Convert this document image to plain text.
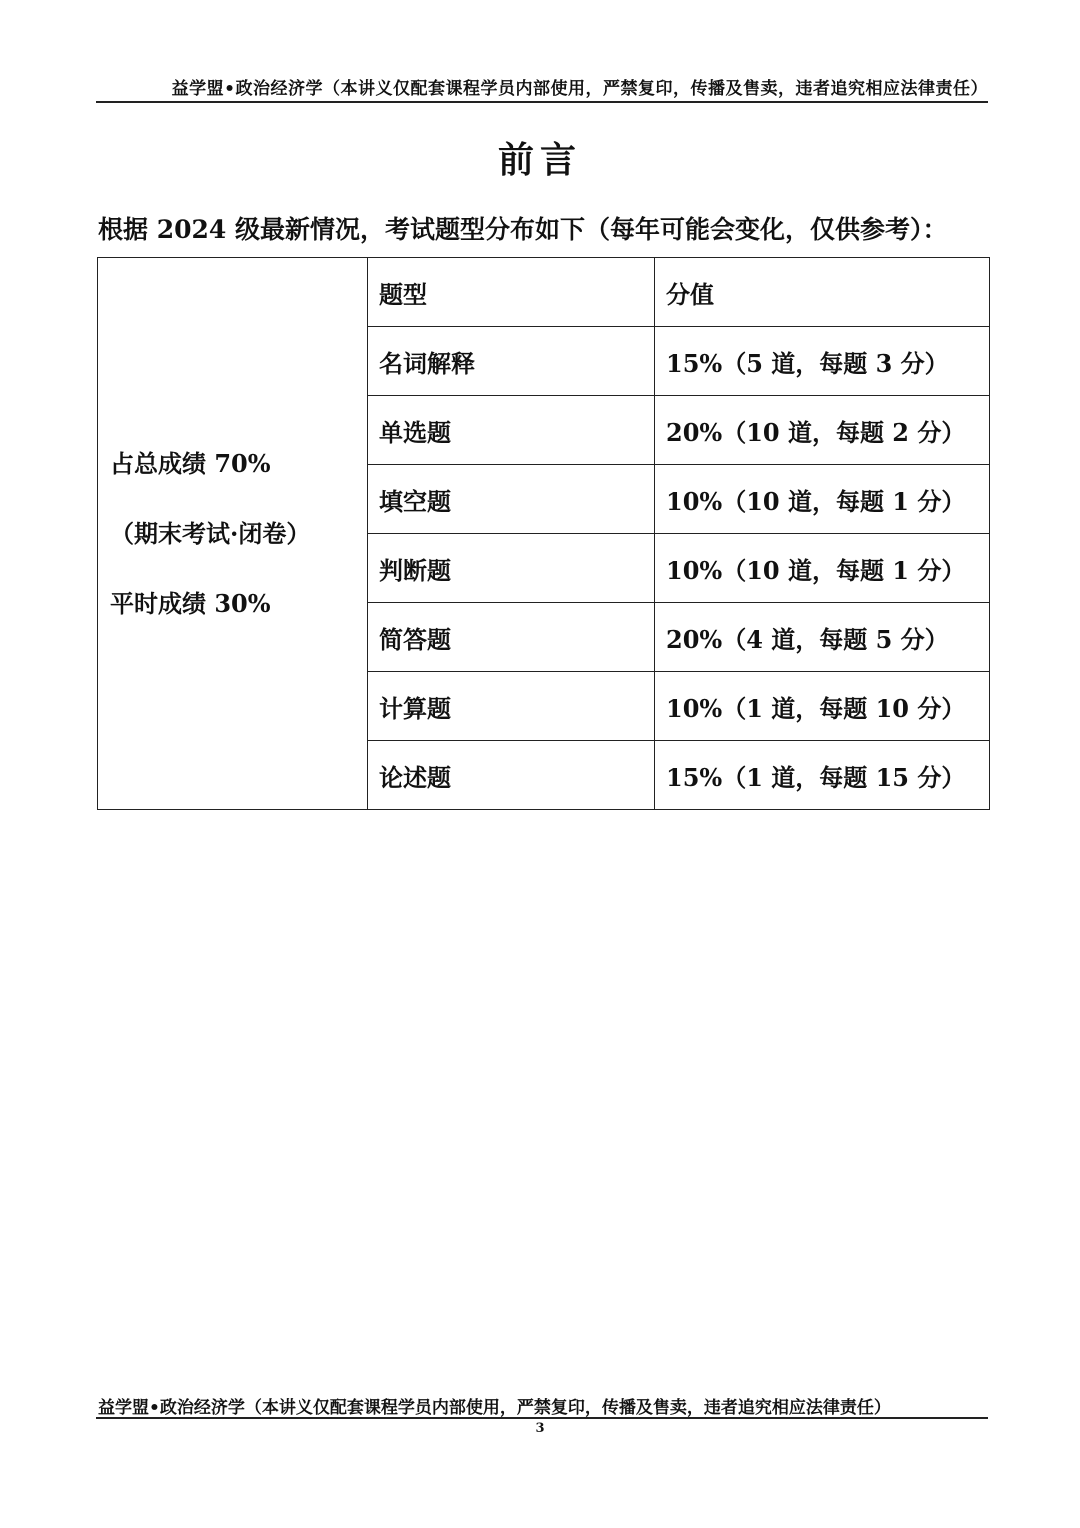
益学盟•政治经济学（本讲义仅配套课程学员内部使用，严禁复印，传播及售卖，违者追究相应法律责任）
前言
根据 2024 级最新情况，考试题型分布如下（每年可能会变化，仅供参考）：
占总成绩 70%
（期末考试·闭卷）
平时成绩 30%	题型	分值
	名词解释	15%（5 道，每题 3 分）
	单选题	20%（10 道，每题 2 分）
	填空题	10%（10 道，每题 1 分）
	判断题	10%（10 道，每题 1 分）
	简答题	20%（4 道，每题 5 分）
	计算题	10%（1 道，每题 10 分）
	论述题	15%（1 道，每题 15 分）
益学盟•政治经济学（本讲义仅配套课程学员内部使用，严禁复印，传播及售卖，违者追究相应法律责任）
3
